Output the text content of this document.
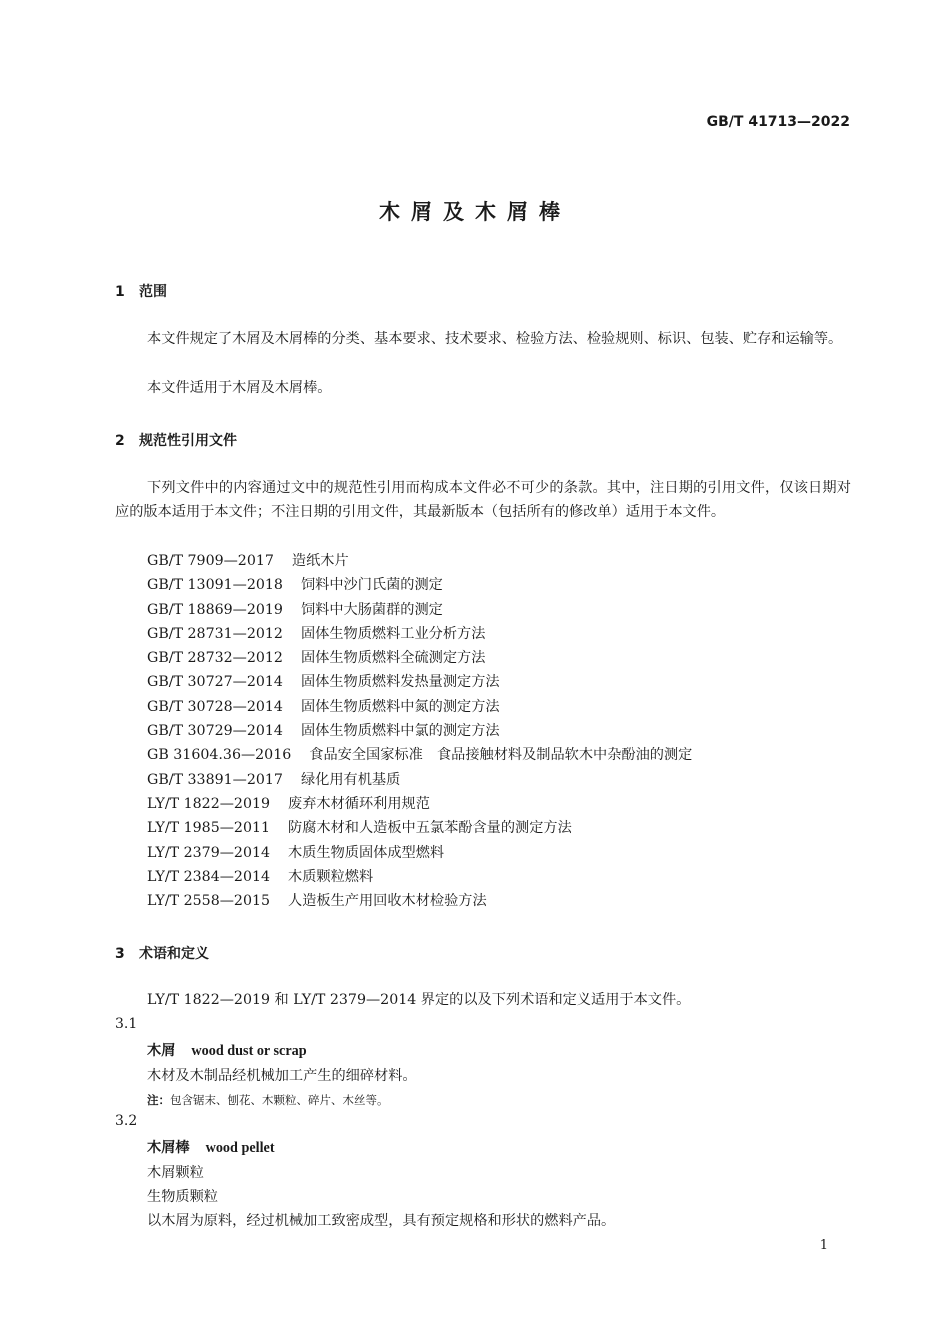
GB/T 41713—2022
木屑及木屑棒
1 范围
本文件规定了木屑及木屑棒的分类、基本要求、技术要求、检验方法、检验规则、标识、包装、贮存和运输等。
本文件适用于木屑及木屑棒。
2 规范性引用文件
下列文件中的内容通过文中的规范性引用而构成本文件必不可少的条款。其中，注日期的引用文件，仅该日期对应的版本适用于本文件；不注日期的引用文件，其最新版本（包括所有的修改单）适用于本文件。
GB/T 7909—2017 造纸木片
GB/T 13091—2018 饲料中沙门氏菌的测定
GB/T 18869—2019 饲料中大肠菌群的测定
GB/T 28731—2012 固体生物质燃料工业分析方法
GB/T 28732—2012 固体生物质燃料全硫测定方法
GB/T 30727—2014 固体生物质燃料发热量测定方法
GB/T 30728—2014 固体生物质燃料中氮的测定方法
GB/T 30729—2014 固体生物质燃料中氯的测定方法
GB 31604.36—2016 食品安全国家标准　食品接触材料及制品软木中杂酚油的测定
GB/T 33891—2017 绿化用有机基质
LY/T 1822—2019 废弃木材循环利用规范
LY/T 1985—2011 防腐木材和人造板中五氯苯酚含量的测定方法
LY/T 2379—2014 木质生物质固体成型燃料
LY/T 2384—2014 木质颗粒燃料
LY/T 2558—2015 人造板生产用回收木材检验方法
3 术语和定义
LY/T 1822—2019 和 LY/T 2379—2014 界定的以及下列术语和定义适用于本文件。
3.1
木屑 wood dust or scrap
木材及木制品经机械加工产生的细碎材料。
注：包含锯末、刨花、木颗粒、碎片、木丝等。
3.2
木屑棒 wood pellet
木屑颗粒
生物质颗粒
以木屑为原料，经过机械加工致密成型，具有预定规格和形状的燃料产品。
1
